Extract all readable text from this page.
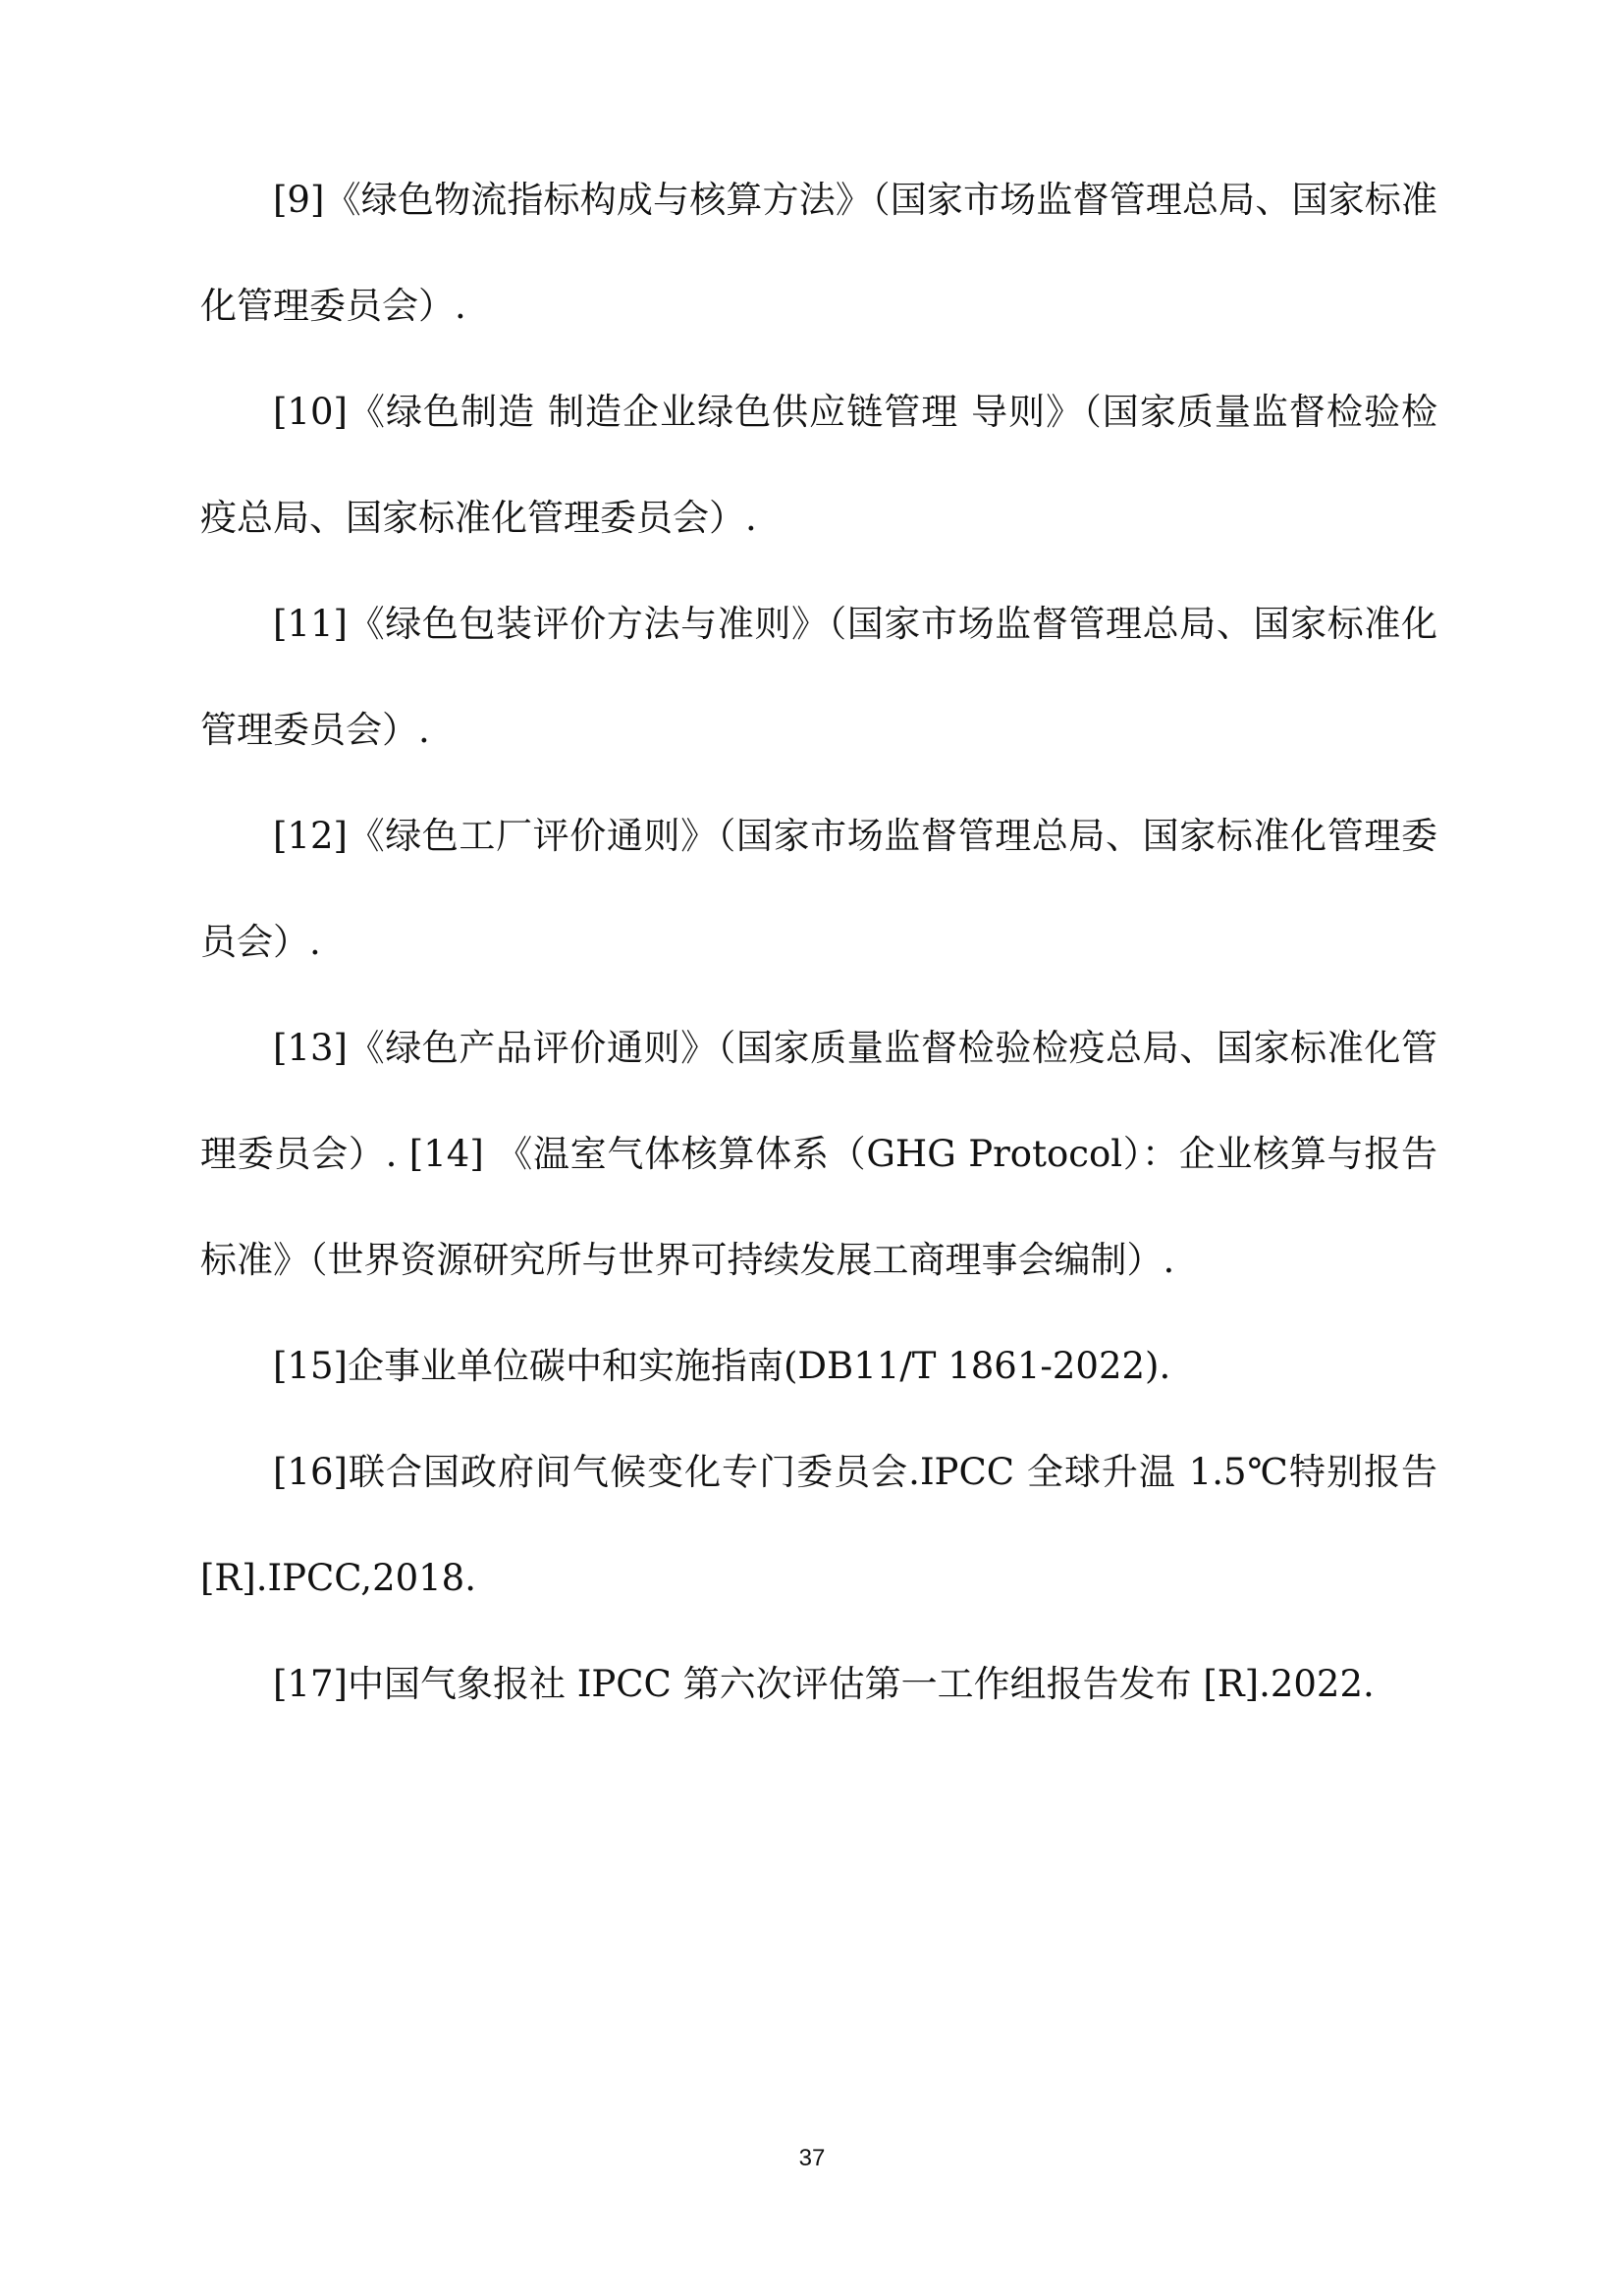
[9]《绿色物流指标构成与核算方法》（国家市场监督管理总局、国家标准化管理委员会）.

[10]《绿色制造 制造企业绿色供应链管理 导则》（国家质量监督检验检疫总局、国家标准化管理委员会）.

[11]《绿色包装评价方法与准则》（国家市场监督管理总局、国家标准化管理委员会）.

[12]《绿色工厂评价通则》（国家市场监督管理总局、国家标准化管理委员会）.

[13]《绿色产品评价通则》（国家质量监督检验检疫总局、国家标准化管理委员会）. [14] 《温室气体核算体系（GHG Protocol）：企业核算与报告标准》（世界资源研究所与世界可持续发展工商理事会编制）.

[15]企事业单位碳中和实施指南(DB11/T 1861-2022).

[16]联合国政府间气候变化专门委员会.IPCC 全球升温 1.5℃特别报告[R].IPCC,2018.

[17]中国气象报社 IPCC 第六次评估第一工作组报告发布 [R].2022.

37
